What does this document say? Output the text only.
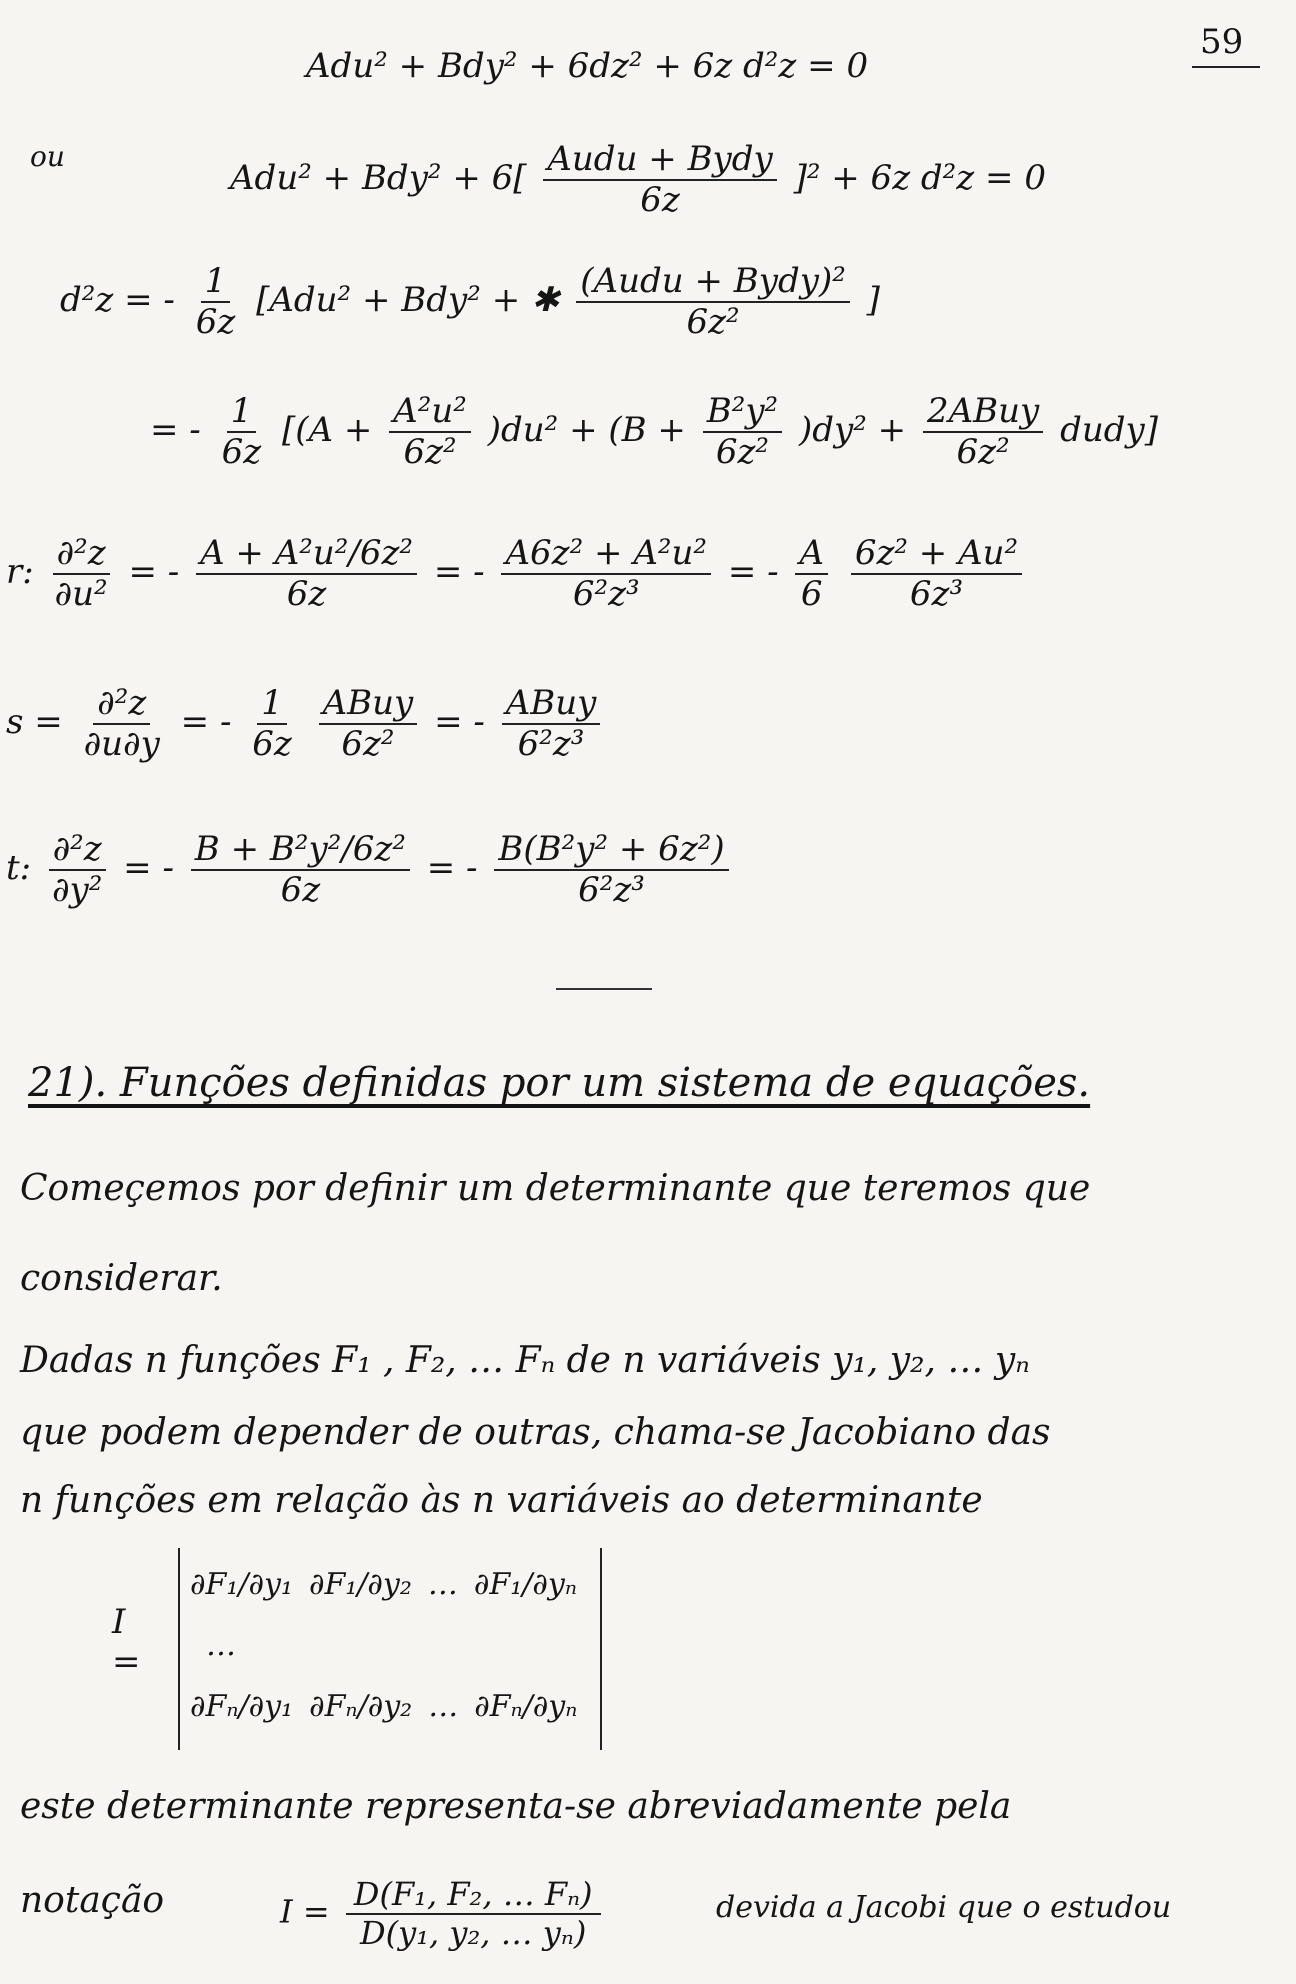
59
Adu² + Bdy² + 6dz² + 6z d²z = 0
ou
$Adu^2 + Bdy^2 + 6[ \frac{\text{Audu + Bydy}}{6z} ]^2 + 6z$ d²z = 0
d²z = - $\frac{1}{6z} [Adu^2 + Bdy^2$ + ✱ $\frac{\text{(Audu + Bydy)²}}{\text{6z²}}$ ]
= - $\frac{1}{6z} [(A + \frac{\text{A²u²}}{\text{6z²}} )du^2 + (B + \frac{\text{B²y²}}{\text{6z²}} )dy^2 + \frac{\text{2ABuy}}{\text{6z²}}$ dudy]
r: $\frac{\text{∂²z}}{\text{∂u²}}$ = - $\frac{\text{A + A²u²/6z²}}{6z}$ = - $\frac{\text{A6z² + A²u²}}{\text{6²z³}}$ = - $\frac{A}{6}$
$\frac{\text{6z² + Au²}}{\text{6z³}}$
$s = \frac{\text{∂²z}}{\partial u\partial y}$ = - $\frac{1}{6z}$
$\frac{\text{ABuy}}{\text{6z²}}$ = - $\frac{\text{ABuy}}{\text{6²z³}}$
t: $\frac{\text{∂²z}}{\text{∂y²}}$ = - $\frac{\text{B + B²y²/6z²}}{6z}$ = - $\frac{\text{B(B²y² + 6z²)}}{\text{6²z³}}$
21). Funções definidas por um sistema de equações.
Começemos por definir um determinante que teremos que
considerar.
Dadas n funções F₁ , F₂, … Fₙ de n variáveis y₁, y₂, … yₙ
que podem depender de outras, chama-se Jacobiano das
n funções em relação às n variáveis ao determinante
I =
∂F₁/∂y₁ ∂F₁/∂y₂ … ∂F₁/∂yₙ
…
∂Fₙ/∂y₁ ∂Fₙ/∂y₂ … ∂Fₙ/∂yₙ
este determinante representa-se abreviadamente pela
notação	$I = \frac{\text{D(F₁, F₂, … Fₙ)}}{\text{D(y₁, y₂, … yₙ)}}$	devida a Jacobi que o estudou
